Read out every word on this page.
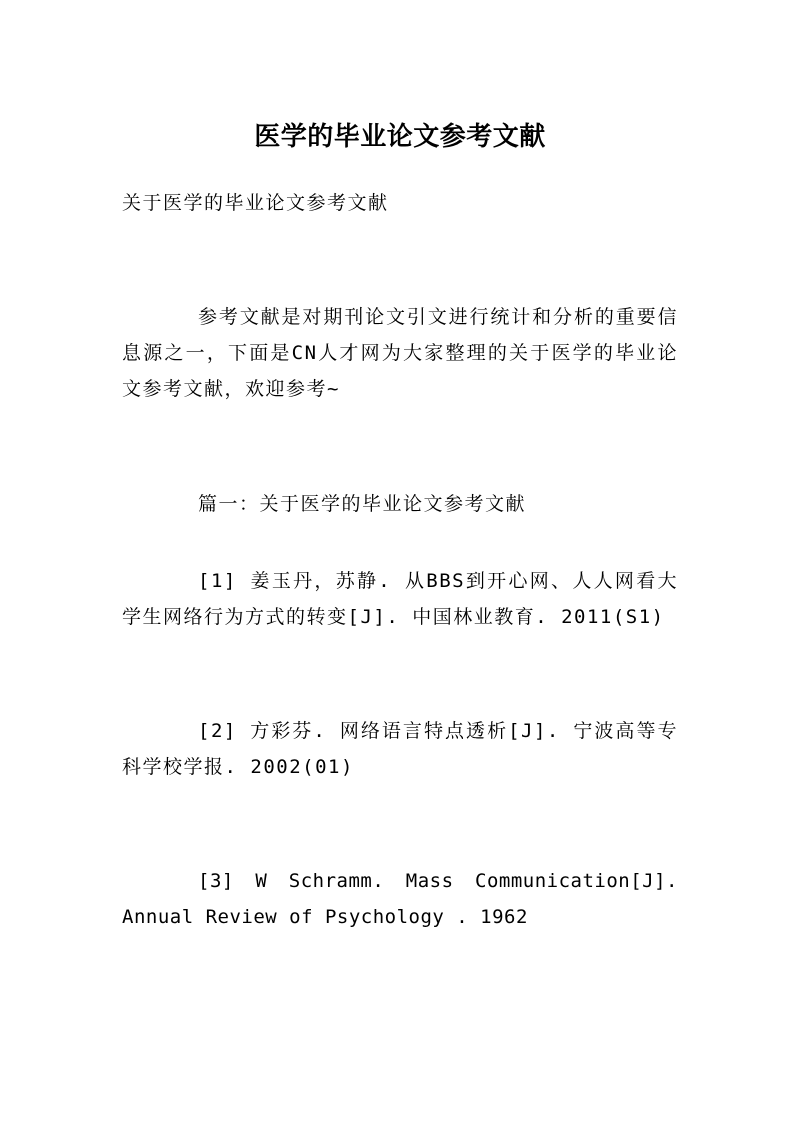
医学的毕业论文参考文献

关于医学的毕业论文参考文献

参考文献是对期刊论文引文进行统计和分析的重要信息源之一，下面是CN人才网为大家整理的关于医学的毕业论文参考文献，欢迎参考~

篇一：关于医学的毕业论文参考文献

[1] 姜玉丹，苏静. 从BBS到开心网、人人网看大学生网络行为方式的转变[J]. 中国林业教育. 2011(S1)

[2] 方彩芬. 网络语言特点透析[J]. 宁波高等专科学校学报. 2002(01)

[3] W Schramm. Mass Communication[J]. Annual Review of Psychology . 1962
